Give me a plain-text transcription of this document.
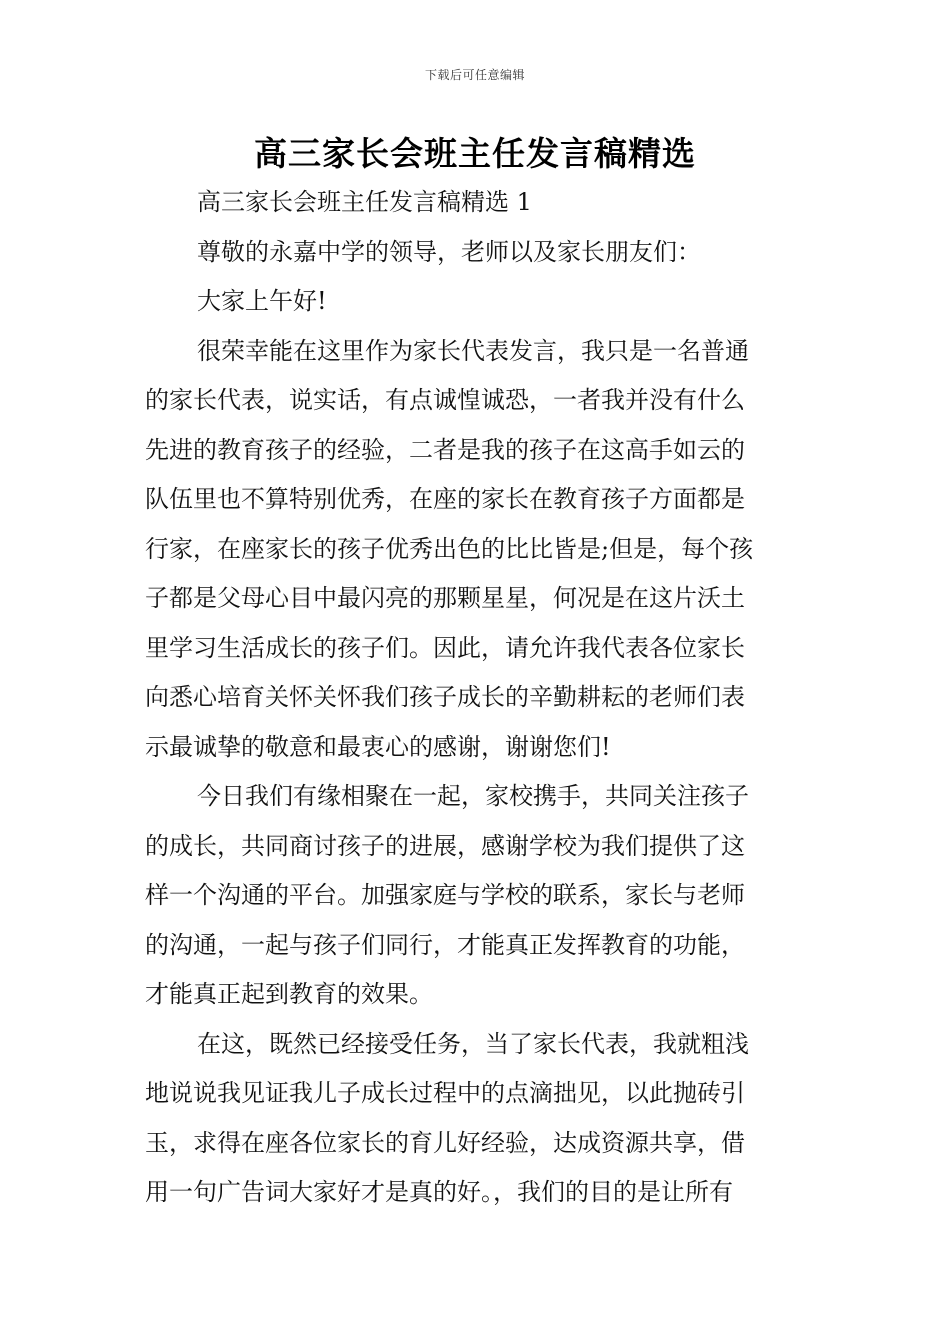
下载后可任意编辑
高三家长会班主任发言稿精选
高三家长会班主任发言稿精选 1
尊敬的永嘉中学的领导，老师以及家长朋友们：
大家上午好!
很荣幸能在这里作为家长代表发言，我只是一名普通
的家长代表，说实话，有点诚惶诚恐，一者我并没有什么
先进的教育孩子的经验，二者是我的孩子在这高手如云的
队伍里也不算特别优秀，在座的家长在教育孩子方面都是
行家，在座家长的孩子优秀出色的比比皆是;但是，每个孩
子都是父母心目中最闪亮的那颗星星，何况是在这片沃土
里学习生活成长的孩子们。因此，请允许我代表各位家长
向悉心培育关怀关怀我们孩子成长的辛勤耕耘的老师们表
示最诚挚的敬意和最衷心的感谢，谢谢您们!
今日我们有缘相聚在一起，家校携手，共同关注孩子
的成长，共同商讨孩子的进展，感谢学校为我们提供了这
样一个沟通的平台。加强家庭与学校的联系，家长与老师
的沟通，一起与孩子们同行，才能真正发挥教育的功能，
才能真正起到教育的效果。
在这，既然已经接受任务，当了家长代表，我就粗浅
地说说我见证我儿子成长过程中的点滴拙见，以此抛砖引
玉，求得在座各位家长的育儿好经验，达成资源共享，借
用一句广告词大家好才是真的好。，我们的目的是让所有
